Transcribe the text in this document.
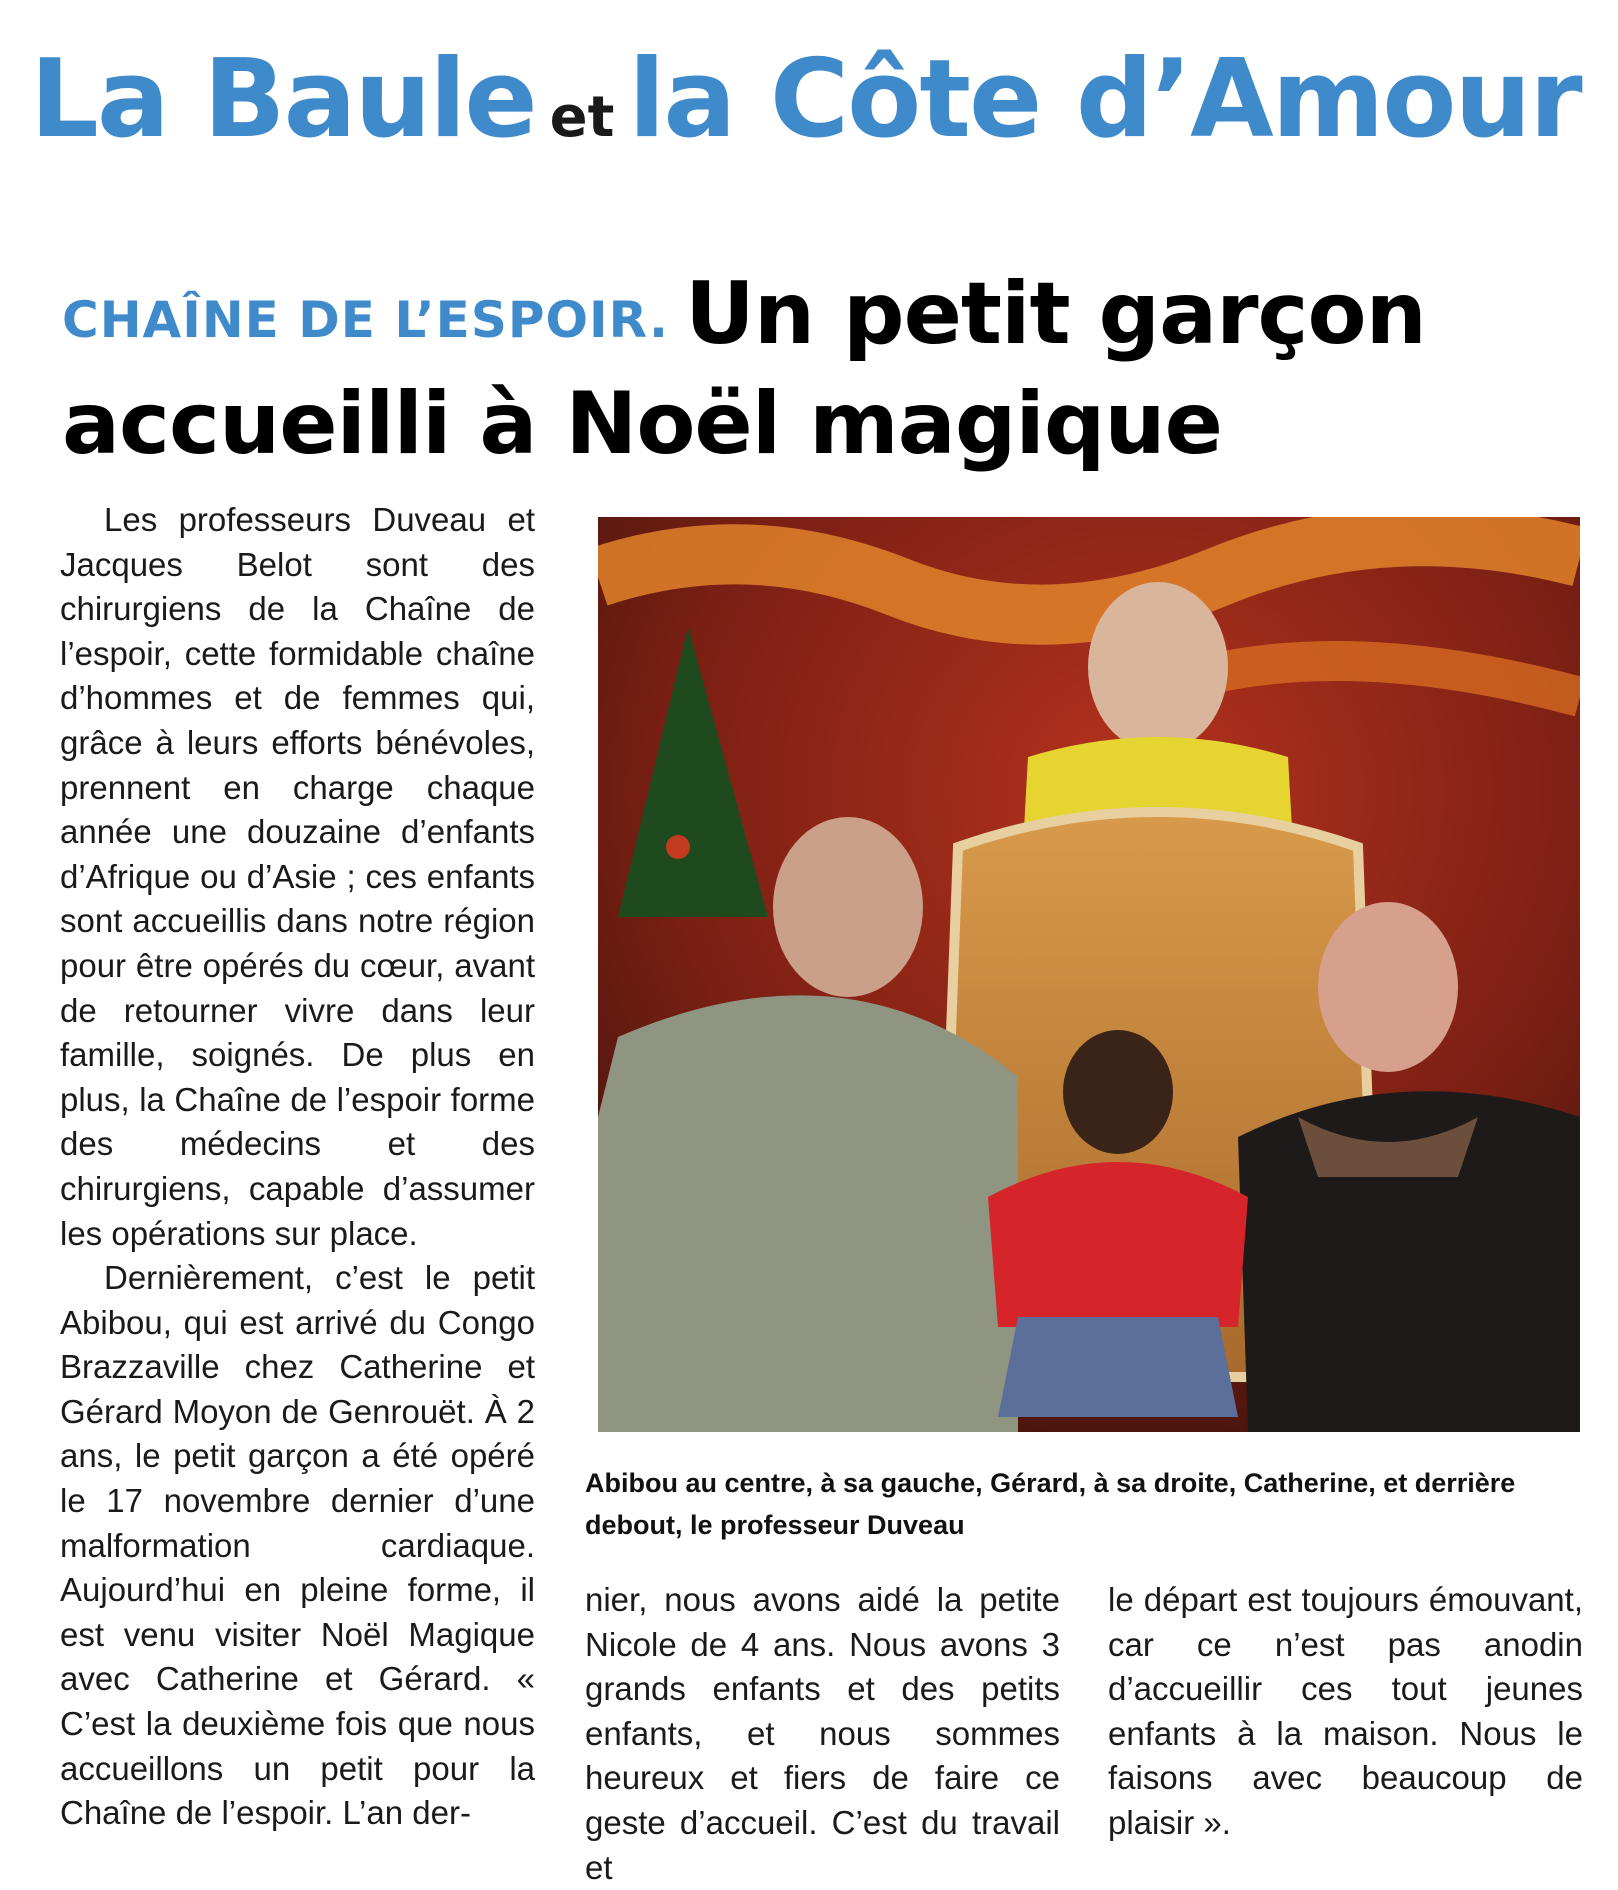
La Baule et la Côte d’Amour
CHAÎNE DE L’ESPOIR. Un petit garçon accueilli à Noël magique

Les professeurs Duveau et Jacques Belot sont des chirurgiens de la Chaîne de l’espoir, cette formidable chaîne d’hommes et de femmes qui, grâce à leurs efforts bénévoles, prennent en charge chaque année une douzaine d’enfants d’Afrique ou d’Asie ; ces enfants sont accueillis dans notre région pour être opérés du cœur, avant de retourner vivre dans leur famille, soignés. De plus en plus, la Chaîne de l’espoir forme des médecins et des chirurgiens, capable d’assumer les opérations sur place.

Dernièrement, c’est le petit Abibou, qui est arrivé du Congo Brazzaville chez Catherine et Gérard Moyon de Genrouët. À 2 ans, le petit garçon a été opéré le 17 novembre dernier d’une malformation cardiaque. Aujourd’hui en pleine forme, il est venu visiter Noël Magique avec Catherine et Gérard. « C’est la deuxième fois que nous accueillons un petit pour la Chaîne de l’espoir. L’an der-

Abibou au centre, à sa gauche, Gérard, à sa droite, Catherine, et derrière debout, le professeur Duveau

nier, nous avons aidé la petite Nicole de 4 ans. Nous avons 3 grands enfants et des petits enfants, et nous sommes heureux et fiers de faire ce geste d’accueil. C’est du travail et

le départ est toujours émouvant, car ce n’est pas anodin d’accueillir ces tout jeunes enfants à la maison. Nous le faisons avec beaucoup de plaisir ».
